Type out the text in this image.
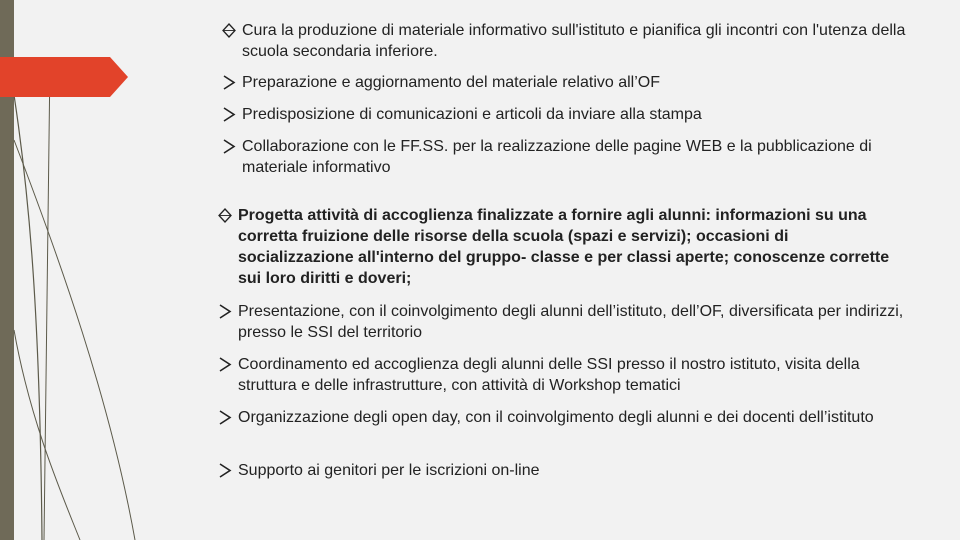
Cura la produzione di materiale informativo sull'istituto e pianifica gli incontri con l'utenza della scuola secondaria inferiore.
Preparazione e aggiornamento del materiale relativo all’OF
Predisposizione di comunicazioni e articoli da inviare alla stampa
Collaborazione con le FF.SS. per la realizzazione delle pagine WEB e la pubblicazione di materiale informativo
Progetta attività di accoglienza finalizzate a fornire agli alunni: informazioni su una corretta fruizione delle risorse della scuola (spazi e servizi); occasioni di socializzazione all'interno del gruppo- classe e per classi aperte; conoscenze corrette sui loro diritti e doveri;
Presentazione, con il coinvolgimento degli alunni dell’istituto, dell’OF, diversificata per indirizzi, presso le SSI del territorio
Coordinamento ed accoglienza degli alunni delle SSI presso il nostro istituto, visita della struttura e delle infrastrutture, con attività di Workshop tematici
Organizzazione degli open day, con il coinvolgimento degli alunni e dei docenti dell’istituto
Supporto ai genitori per le iscrizioni on-line
